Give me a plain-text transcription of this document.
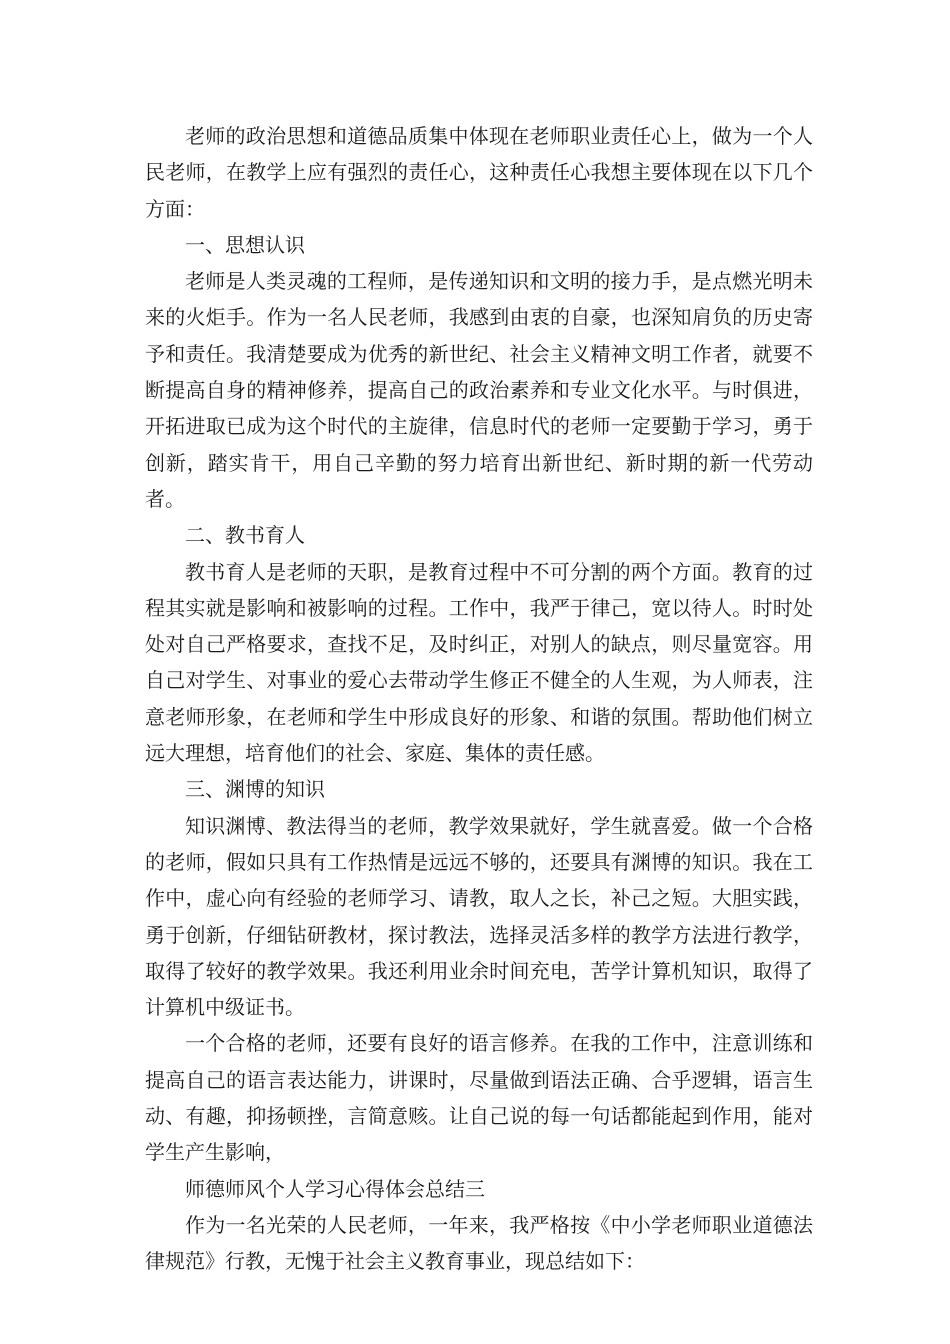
老师的政治思想和道德品质集中体现在老师职业责任心上，做为一个人民老师，在教学上应有强烈的责任心，这种责任心我想主要体现在以下几个方面：

一、思想认识

老师是人类灵魂的工程师，是传递知识和文明的接力手，是点燃光明未来的火炬手。作为一名人民老师，我感到由衷的自豪，也深知肩负的历史寄予和责任。我清楚要成为优秀的新世纪、社会主义精神文明工作者，就要不断提高自身的精神修养，提高自己的政治素养和专业文化水平。与时俱进，开拓进取已成为这个时代的主旋律，信息时代的老师一定要勤于学习，勇于创新，踏实肯干，用自己辛勤的努力培育出新世纪、新时期的新一代劳动者。

二、教书育人

教书育人是老师的天职，是教育过程中不可分割的两个方面。教育的过程其实就是影响和被影响的过程。工作中，我严于律己，宽以待人。时时处处对自己严格要求，查找不足，及时纠正，对别人的缺点，则尽量宽容。用自己对学生、对事业的爱心去带动学生修正不健全的人生观，为人师表，注意老师形象，在老师和学生中形成良好的形象、和谐的氛围。帮助他们树立远大理想，培育他们的社会、家庭、集体的责任感。

三、渊博的知识

知识渊博、教法得当的老师，教学效果就好，学生就喜爱。做一个合格的老师，假如只具有工作热情是远远不够的，还要具有渊博的知识。我在工作中，虚心向有经验的老师学习、请教，取人之长，补己之短。大胆实践，勇于创新，仔细钻研教材，探讨教法，选择灵活多样的教学方法进行教学，取得了较好的教学效果。我还利用业余时间充电，苦学计算机知识，取得了计算机中级证书。

一个合格的老师，还要有良好的语言修养。在我的工作中，注意训练和提高自己的语言表达能力，讲课时，尽量做到语法正确、合乎逻辑，语言生动、有趣，抑扬顿挫，言简意赅。让自己说的每一句话都能起到作用，能对学生产生影响，

师德师风个人学习心得体会总结三

作为一名光荣的人民老师，一年来，我严格按《中小学老师职业道德法律规范》行教，无愧于社会主义教育事业，现总结如下：
